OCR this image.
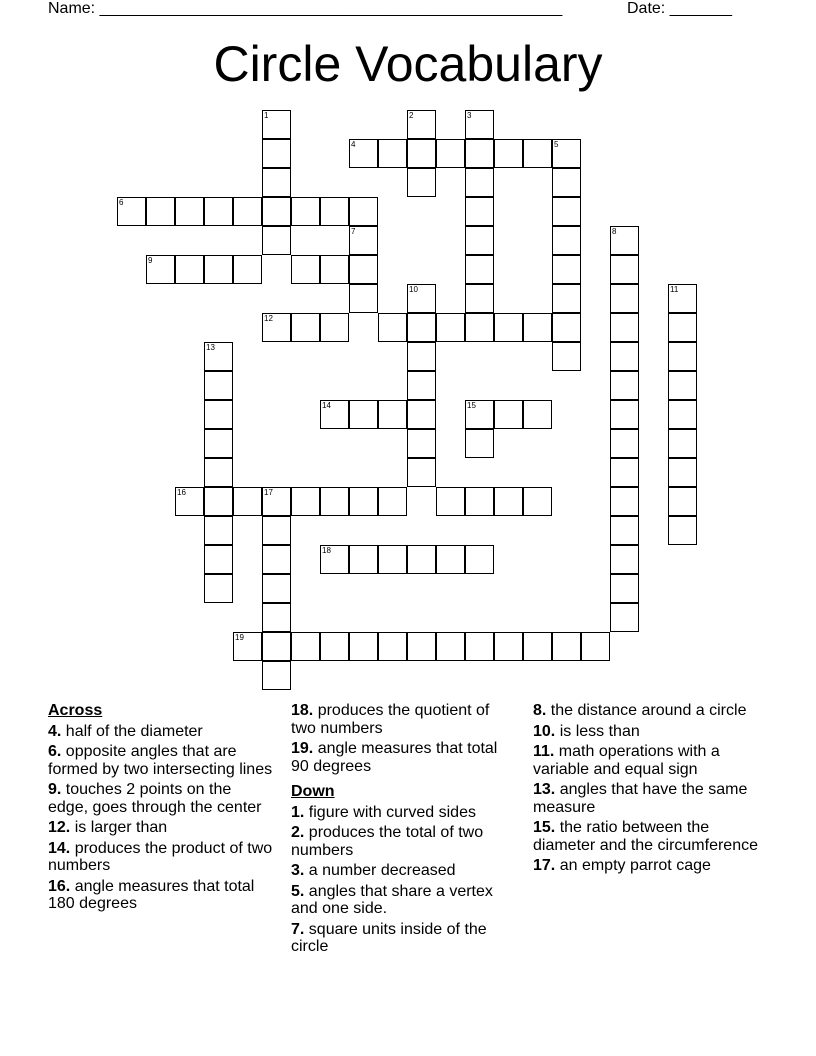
Name: ____________________________________________________	Date: _______
Circle Vocabulary
1	2	3
4	5
6
7	8
9
10	11
12
13
14	15
16	17
18
19
Across
4. half of the diameter
6. opposite angles that are formed by two intersecting lines
9. touches 2 points on the edge, goes through the center
12. is larger than
14. produces the product of two numbers
16. angle measures that total 180 degrees
18. produces the quotient of two numbers
19. angle measures that total 90 degrees
Down
1. figure with curved sides
2. produces the total of two numbers
3. a number decreased
5. angles that share a vertex and one side.
7. square units inside of the circle
8. the distance around a circle
10. is less than
11. math operations with a variable and equal sign
13. angles that have the same measure
15. the ratio between the diameter and the circumference
17. an empty parrot cage
